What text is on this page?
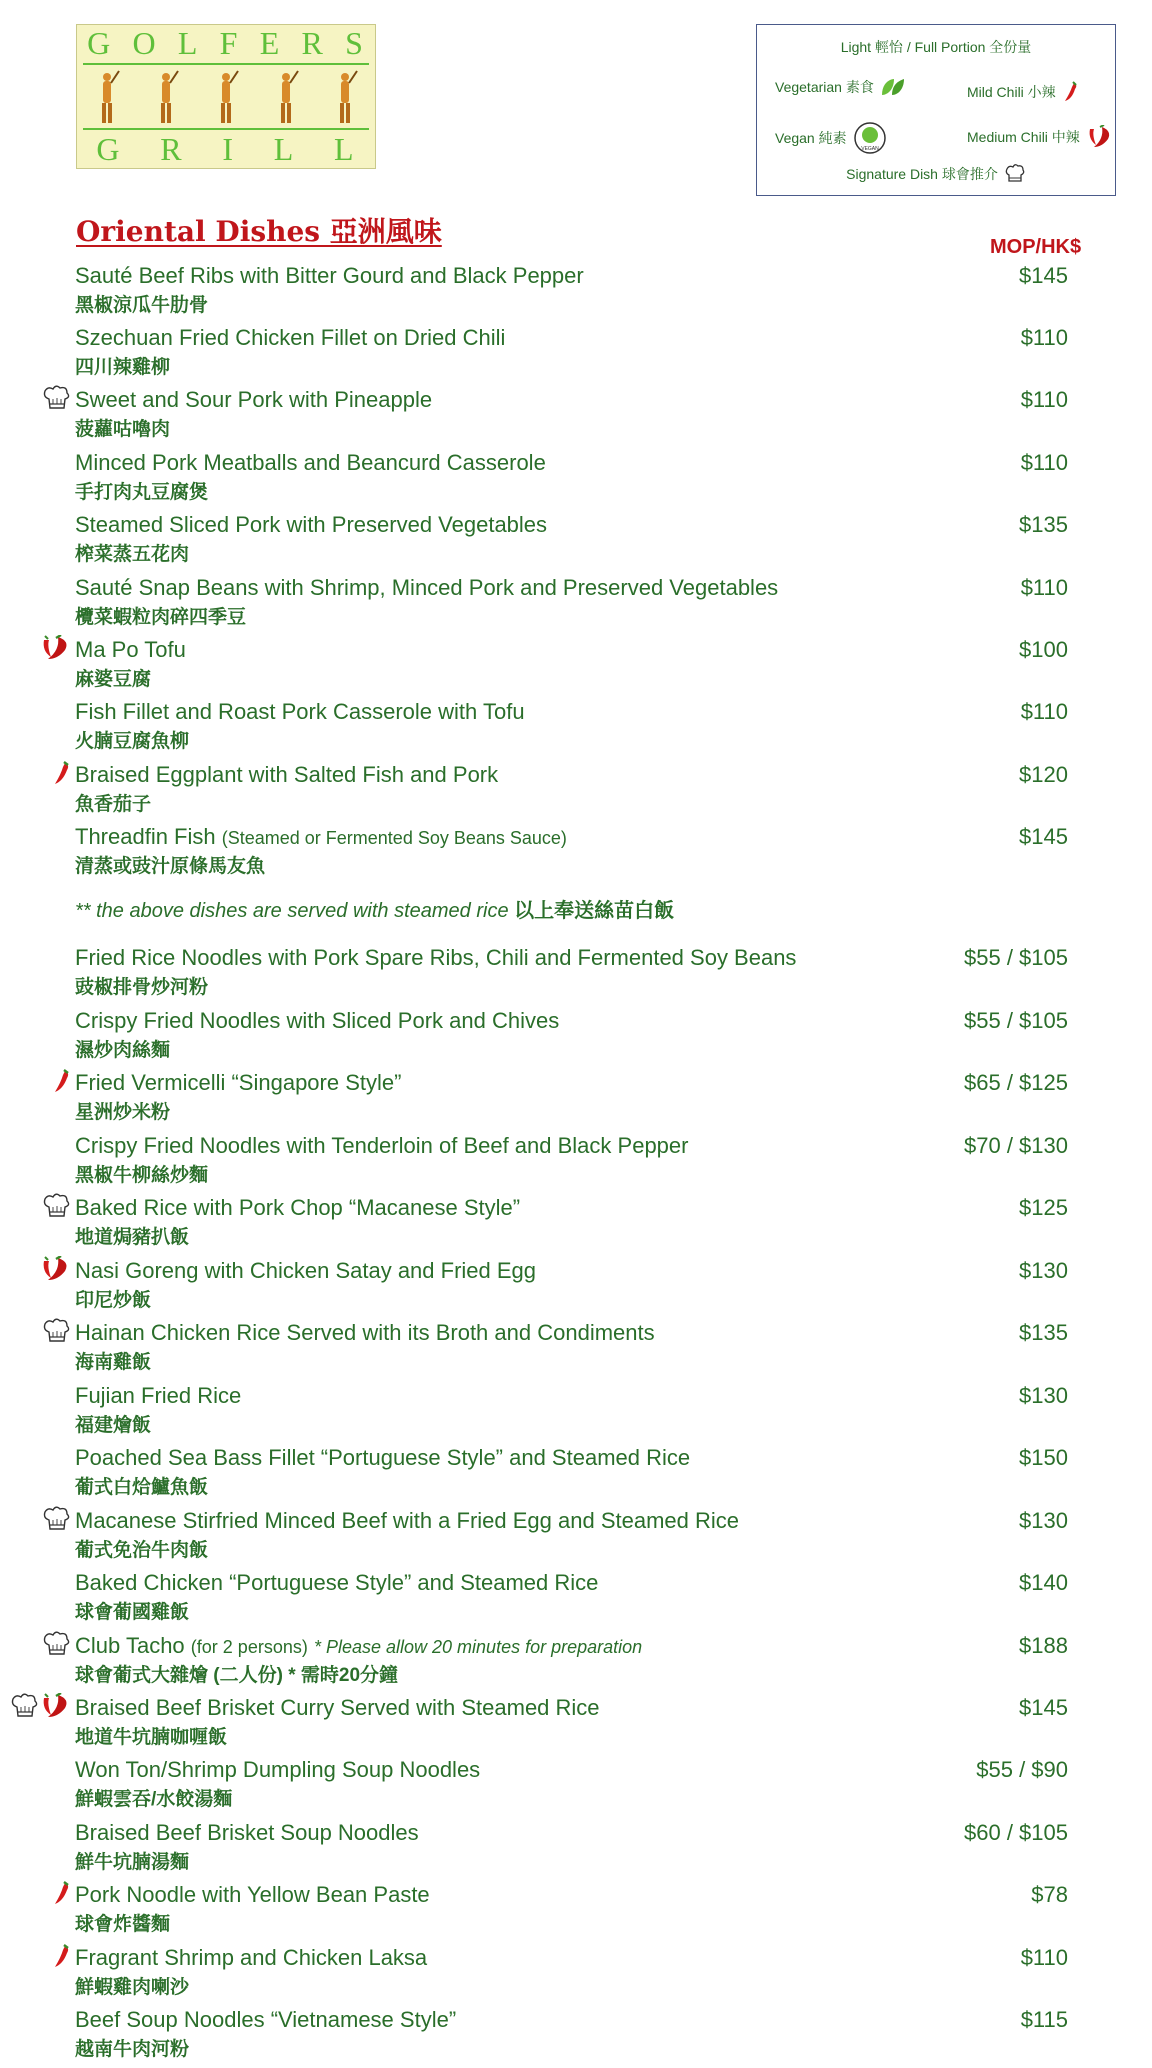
G O L F E R S
G R I L L
Light 輕怡 / Full Portion 全份量
Vegetarian 素食	Mild Chili 小辣
Vegan 純素
VEGAN
Medium Chili 中辣
Signature Dish 球會推介
Oriental Dishes 亞洲風味	MOP/HK$
Sauté Beef Ribs with Bitter Gourd and Black Pepper
黑椒涼瓜牛肋骨
$145
Szechuan Fried Chicken Fillet on Dried Chili
四川辣雞柳
$110
Sweet and Sour Pork with Pineapple
菠蘿咕嚕肉
$110
Minced Pork Meatballs and Beancurd Casserole
手打肉丸豆腐煲
$110
Steamed Sliced Pork with Preserved Vegetables
榨菜蒸五花肉
$135
Sauté Snap Beans with Shrimp, Minced Pork and Preserved Vegetables
欖菜蝦粒肉碎四季豆
$110
Ma Po Tofu
麻婆豆腐
$100
Fish Fillet and Roast Pork Casserole with Tofu
火腩豆腐魚柳
$110
Braised Eggplant with Salted Fish and Pork
魚香茄子
$120
Threadfin Fish (Steamed or Fermented Soy Beans Sauce)
清蒸或豉汁原條馬友魚
$145
Fried Rice Noodles with Pork Spare Ribs, Chili and Fermented Soy Beans
豉椒排骨炒河粉
$55 / $105
Crispy Fried Noodles with Sliced Pork and Chives
濕炒肉絲麵
$55 / $105
Fried Vermicelli “Singapore Style”
星洲炒米粉
$65 / $125
Crispy Fried Noodles with Tenderloin of Beef and Black Pepper
黑椒牛柳絲炒麵
$70 / $130
Baked Rice with Pork Chop “Macanese Style”
地道焗豬扒飯
$125
Nasi Goreng with Chicken Satay and Fried Egg
印尼炒飯
$130
Hainan Chicken Rice Served with its Broth and Condiments
海南雞飯
$135
Fujian Fried Rice
福建燴飯
$130
Poached Sea Bass Fillet “Portuguese Style” and Steamed Rice
葡式白烚鱸魚飯
$150
Macanese Stirfried Minced Beef with a Fried Egg and Steamed Rice
葡式免治牛肉飯
$130
Baked Chicken “Portuguese Style” and Steamed Rice
球會葡國雞飯
$140
Club Tacho (for 2 persons) * Please allow 20 minutes for preparation
球會葡式大雜燴 (二人份) * 需時20分鐘
$188
Braised Beef Brisket Curry Served with Steamed Rice
地道牛坑腩咖喱飯
$145
Won Ton/Shrimp Dumpling Soup Noodles
鮮蝦雲吞/水餃湯麵
$55 / $90
Braised Beef Brisket Soup Noodles
鮮牛坑腩湯麵
$60 / $105
Pork Noodle with Yellow Bean Paste
球會炸醬麵
$78
Fragrant Shrimp and Chicken Laksa
鮮蝦雞肉喇沙
$110
Beef Soup Noodles “Vietnamese Style”
越南牛肉河粉
$115
** the above dishes are served with steamed rice 以上奉送絲苗白飯
